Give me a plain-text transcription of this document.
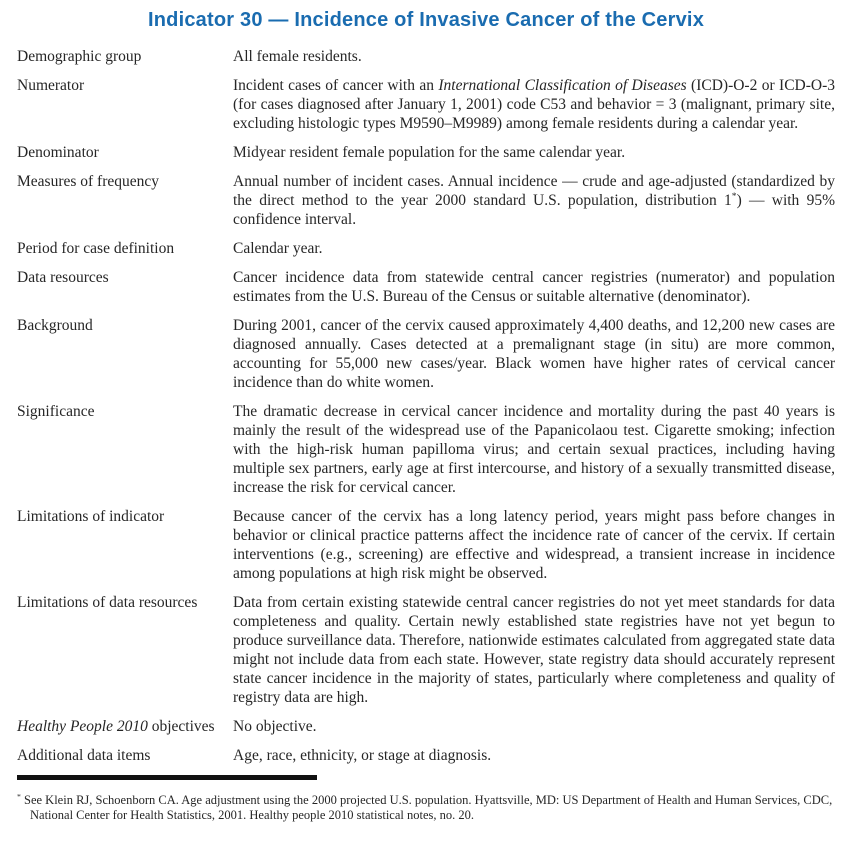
Indicator 30 — Incidence of Invasive Cancer of the Cervix
Demographic group	All female residents.
Numerator	Incident cases of cancer with an International Classification of Diseases (ICD)-O-2 or ICD-O-3 (for cases diagnosed after January 1, 2001) code C53 and behavior = 3 (malignant, primary site, excluding histologic types M9590–M9989) among female residents during a calendar year.
Denominator	Midyear resident female population for the same calendar year.
Measures of frequency	Annual number of incident cases. Annual incidence — crude and age-adjusted (standardized by the direct method to the year 2000 standard U.S. population, distribution 1*) — with 95% confidence interval.
Period for case definition	Calendar year.
Data resources	Cancer incidence data from statewide central cancer registries (numerator) and population estimates from the U.S. Bureau of the Census or suitable alternative (denominator).
Background	During 2001, cancer of the cervix caused approximately 4,400 deaths, and 12,200 new cases are diagnosed annually. Cases detected at a premalignant stage (in situ) are more common, accounting for 55,000 new cases/year. Black women have higher rates of cervical cancer incidence than do white women.
Significance	The dramatic decrease in cervical cancer incidence and mortality during the past 40 years is mainly the result of the widespread use of the Papanicolaou test. Cigarette smoking; infection with the high-risk human papilloma virus; and certain sexual practices, including having multiple sex partners, early age at first intercourse, and history of a sexually transmitted disease, increase the risk for cervical cancer.
Limitations of indicator	Because cancer of the cervix has a long latency period, years might pass before changes in behavior or clinical practice patterns affect the incidence rate of cancer of the cervix. If certain interventions (e.g., screening) are effective and widespread, a transient increase in incidence among populations at high risk might be observed.
Limitations of data resources	Data from certain existing statewide central cancer registries do not yet meet standards for data completeness and quality. Certain newly established state registries have not yet begun to produce surveillance data. Therefore, nationwide estimates calculated from aggregated state data might not include data from each state. However, state registry data should accurately represent state cancer incidence in the majority of states, particularly where completeness and quality of registry data are high.
Healthy People 2010 objectives	No objective.
Additional data items	Age, race, ethnicity, or stage at diagnosis.

* See Klein RJ, Schoenborn CA. Age adjustment using the 2000 projected U.S. population. Hyattsville, MD: US Department of Health and Human Services, CDC, National Center for Health Statistics, 2001. Healthy people 2010 statistical notes, no. 20.
